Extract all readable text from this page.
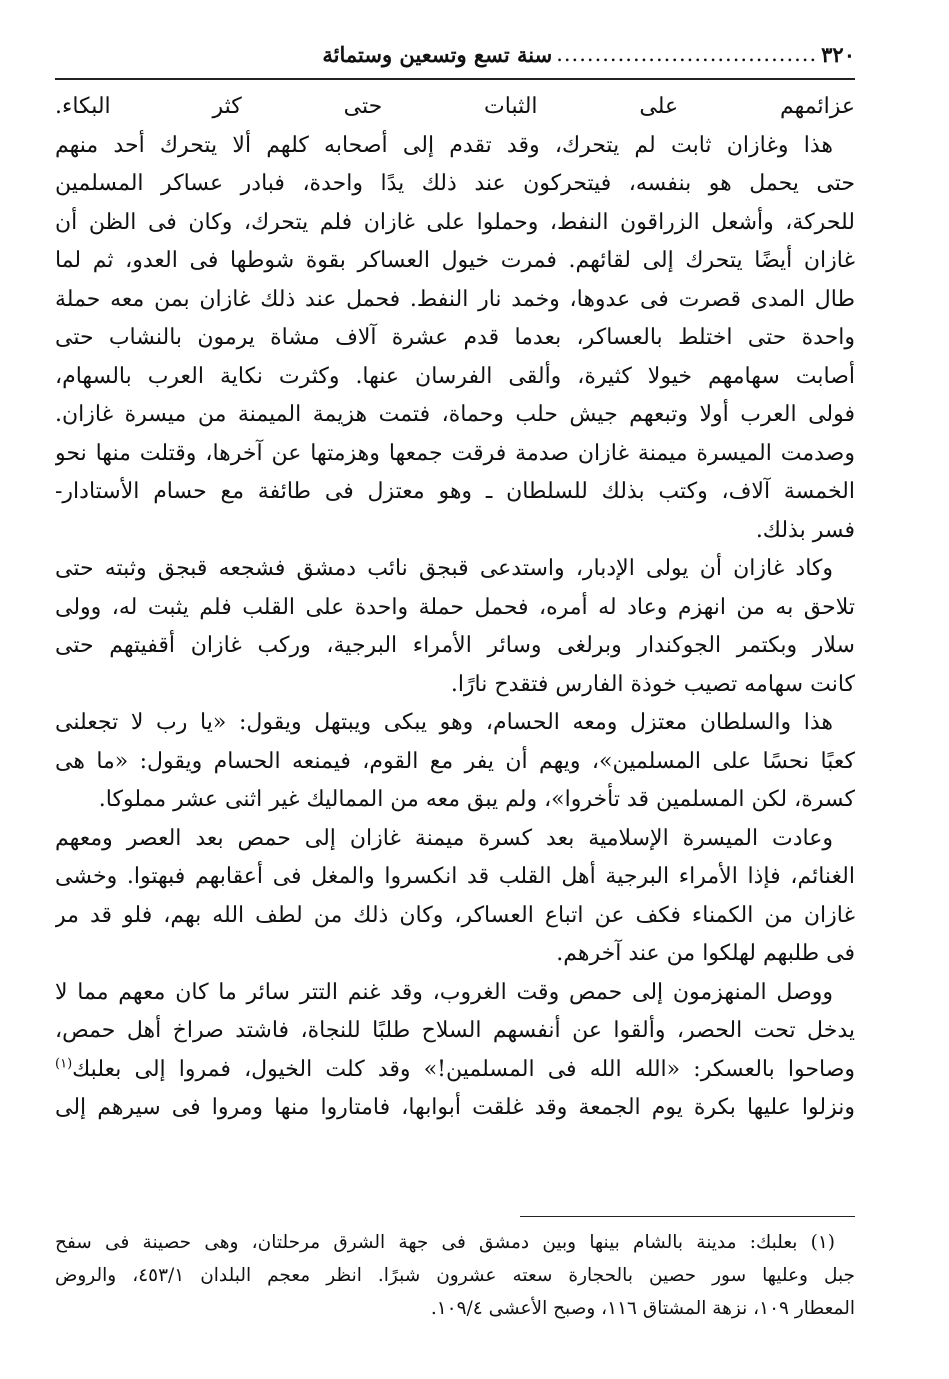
٣٢٠
..................................
سنة تسع وتسعين وستمائة
عزائمهم على الثبات حتى كثر البكاء.
هذا وغازان ثابت لم يتحرك، وقد تقدم إلى أصحابه كلهم ألا يتحرك أحد منهم
حتى يحمل هو بنفسه، فيتحركون عند ذلك يدًا واحدة، فبادر عساكر المسلمين
للحركة، وأشعل الزراقون النفط، وحملوا على غازان فلم يتحرك، وكان فى الظن أن
غازان أيضًا يتحرك إلى لقائهم. فمرت خيول العساكر بقوة شوطها فى العدو، ثم لما
طال المدى قصرت فى عدوها، وخمد نار النفط. فحمل عند ذلك غازان بمن معه حملة
واحدة حتى اختلط بالعساكر، بعدما قدم عشرة آلاف مشاة يرمون بالنشاب حتى
أصابت سهامهم خيولا كثيرة، وألقى الفرسان عنها. وكثرت نكاية العرب بالسهام،
فولى العرب أولا وتبعهم جيش حلب وحماة، فتمت هزيمة الميمنة من ميسرة غازان.
وصدمت الميسرة ميمنة غازان صدمة فرقت جمعها وهزمتها عن آخرها، وقتلت منها نحو
الخمسة آلاف، وكتب بذلك للسلطان ـ وهو معتزل فى طائفة مع حسام الأستادار-
فسر بذلك.
وكاد غازان أن يولى الإدبار، واستدعى قبجق نائب دمشق فشجعه قبجق وثبته حتى
تلاحق به من انهزم وعاد له أمره، فحمل حملة واحدة على القلب فلم يثبت له، وولى
سلار وبكتمر الجوكندار وبرلغى وسائر الأمراء البرجية، وركب غازان أقفيتهم حتى
كانت سهامه تصيب خوذة الفارس فتقدح نارًا.
هذا والسلطان معتزل ومعه الحسام، وهو يبكى ويبتهل ويقول: «يا رب لا تجعلنى
كعبًا نحسًا على المسلمين»، ويهم أن يفر مع القوم، فيمنعه الحسام ويقول: «ما هى
كسرة، لكن المسلمين قد تأخروا»، ولم يبق معه من المماليك غير اثنى عشر مملوكا.
وعادت الميسرة الإسلامية بعد كسرة ميمنة غازان إلى حمص بعد العصر ومعهم
الغنائم، فإذا الأمراء البرجية أهل القلب قد انكسروا والمغل فى أعقابهم فبهتوا. وخشى
غازان من الكمناء فكف عن اتباع العساكر، وكان ذلك من لطف الله بهم، فلو قد مر
فى طلبهم لهلكوا من عند آخرهم.
ووصل المنهزمون إلى حمص وقت الغروب، وقد غنم التتر سائر ما كان معهم مما لا
يدخل تحت الحصر، وألقوا عن أنفسهم السلاح طلبًا للنجاة، فاشتد صراخ أهل حمص،
وصاحوا بالعسكر: «الله الله فى المسلمين!» وقد كلت الخيول، فمروا إلى بعلبك$^{(١)}$
ونزلوا عليها بكرة يوم الجمعة وقد غلقت أبوابها، فامتاروا منها ومروا فى سيرهم إلى
(١) بعلبك: مدينة بالشام بينها وبين دمشق فى جهة الشرق مرحلتان، وهى حصينة فى سفح
جبل وعليها سور حصين بالحجارة سعته عشرون شبرًا. انظر معجم البلدان ٤٥٣/١، والروض
المعطار ١٠٩، نزهة المشتاق ١١٦، وصبح الأعشى ١٠٩/٤.
